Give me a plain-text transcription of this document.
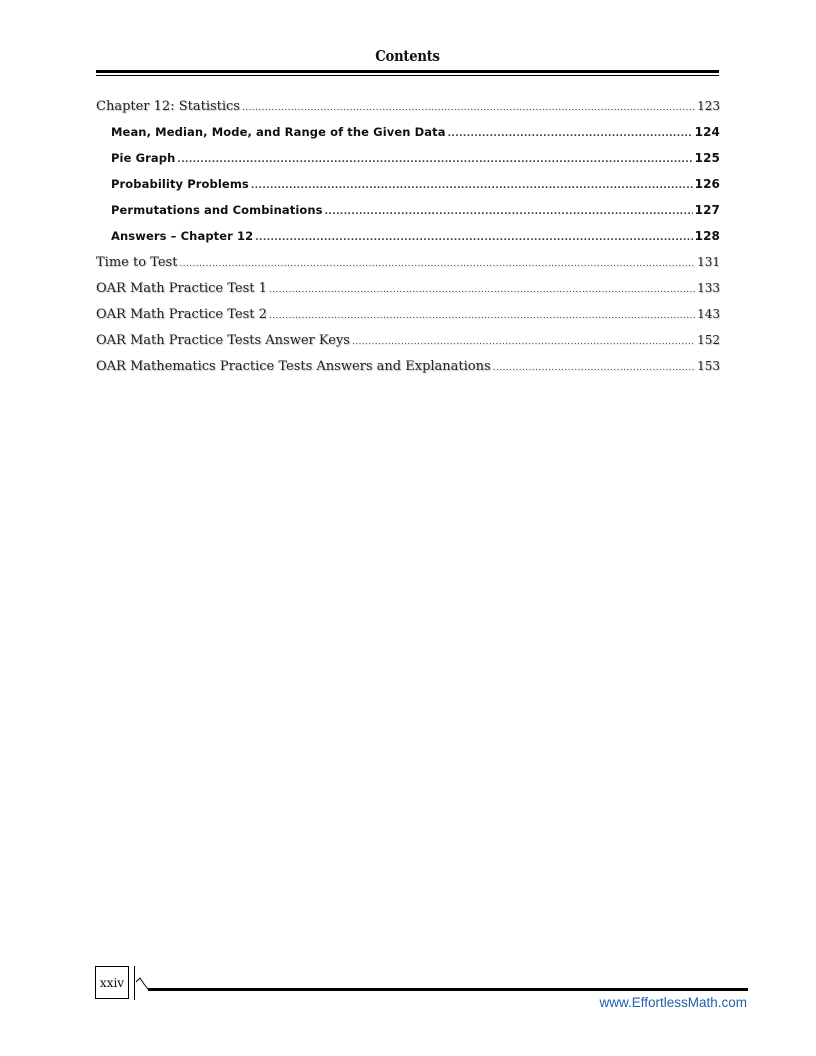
Contents
Chapter 12: Statistics .....	123
Mean, Median, Mode, and Range of the Given Data .....	124
Pie Graph .....	125
Probability Problems .....	126
Permutations and Combinations .....	127
Answers – Chapter 12 .....	128
Time to Test .....	131
OAR Math Practice Test 1 .....	133
OAR Math Practice Test 2 .....	143
OAR Math Practice Tests Answer Keys .....	152
OAR Mathematics Practice Tests Answers and Explanations .....	153
xxiv
www.EffortlessMath.com
